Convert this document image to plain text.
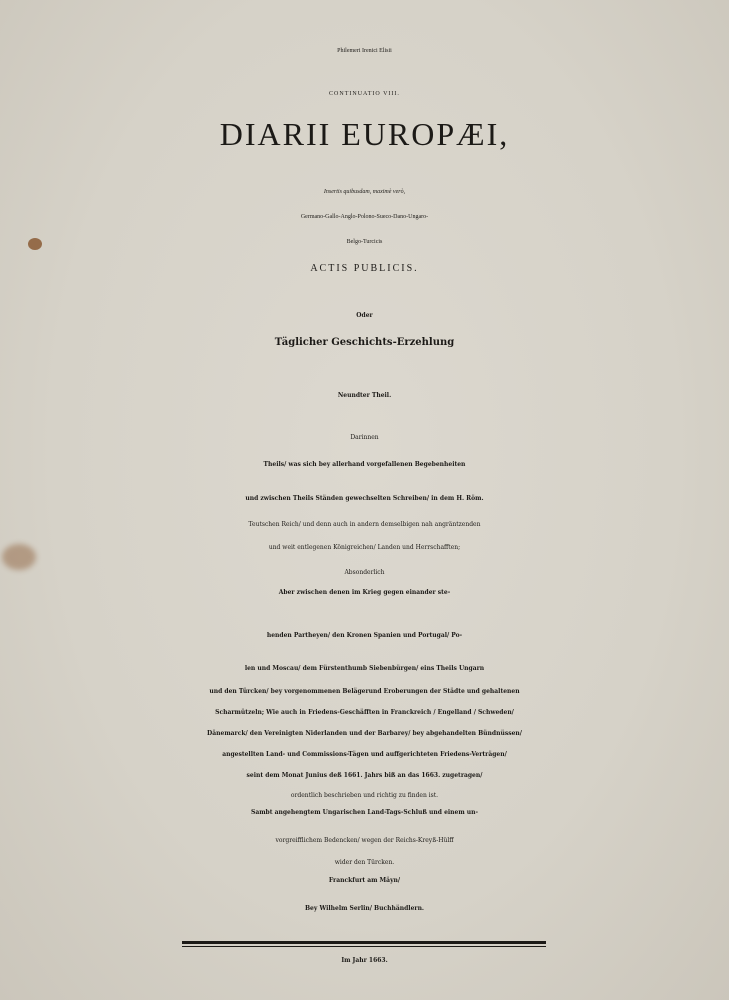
Philemeri Irenici Elisii
CONTINUATIO VIII.
DIARII EUROPÆI,
Insertis quibusdam, maximè verò,
Germano-Gallo-Anglo-Polono-Sueco-Dano-Ungaro-
Belgo-Turcicis
ACTIS PUBLICIS.
Oder
Täglicher Geschichts-Erzehlung
Neundter Theil.
Darinnen
Theils/ was sich bey allerhand vorgefallenen Begebenheiten
und zwischen Theils Ständen gewechselten Schreiben/ in dem H. Röm.
Teutschen Reich/ und denn auch in andern demselbigen nah angräntzenden
und weit entlegenen Königreichen/ Landen und Herrschafften;
Absonderlich
Aber zwischen denen im Krieg gegen einander ste-
henden Partheyen/ den Kronen Spanien und Portugal/ Po-
len und Moscau/ dem Fürstenthumb Siebenbürgen/ eins Theils Ungarn
und den Türcken/ bey vorgenommenen Belägerund Eroberungen der Städte und gehaltenen
Scharmützeln; Wie auch in Friedens-Geschäfften in Franckreich / Engelland / Schweden/
Dänemarck/ den Vereinigten Niderlanden und der Barbarey/ bey abgehandelten Bündnüssen/
angestellten Land- und Commissions-Tägen und auffgerichteten Friedens-Verträgen/
seint dem Monat Junius deß 1661. Jahrs biß an das 1663. zugetragen/
ordentlich beschrieben und richtig zu finden ist.
Sambt angehengtem Ungarischen Land-Tags-Schluß und einem un-
vorgreifflichem Bedencken/ wegen der Reichs-Kreyß-Hülff
wider den Türcken.
Franckfurt am Mäyn/
Bey Wilhelm Serlin/ Buchhändlern.
Im Jahr 1663.
